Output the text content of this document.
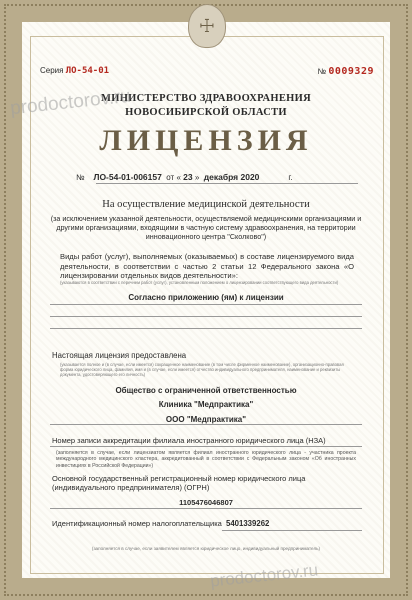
☩
Серия ЛО-54-01	№ 0009329
МИНИСТЕРСТВО ЗДРАВООХРАНЕНИЯ
НОВОСИБИРСКОЙ ОБЛАСТИ
prodoctorov.ru
ЛИЦЕНЗИЯ
№ ЛО-54-01-006157 от « 23 » декабря 2020	г.
На осуществление медицинской деятельности
(за исключением указанной деятельности, осуществляемой медицинскими организациями и другими организациями, входящими в частную систему здравоохранения, на территории инновационного центра "Сколково")
Виды работ (услуг), выполняемых (оказываемых) в составе лицензируемого вида деятельности, в соответствии с частью 2 статьи 12 Федерального закона «О лицензировании отдельных видов деятельности»:
(указываются в соответствии с перечнем работ (услуг), установленным положением о лицензировании соответствующего вида деятельности)
Согласно приложению (ям) к лицензии
Настоящая лицензия предоставлена
(указывается полное и (в случае, если имеется) сокращенное наименование (в том числе фирменное наименование), организационно-правовая форма юридического лица, фамилия, имя и (в случае, если имеется) отчество индивидуального предпринимателя, наименование и реквизиты документа, удостоверяющего его личность)
Общество с ограниченной ответственностью
Клиника "Медпрактика"
ООО "Медпрактика"
Номер записи аккредитации филиала иностранного юридического лица (НЗА)
(заполняется в случае, если лицензиатом является филиал иностранного юридического лица - участника проекта международного медицинского кластера, аккредитованный в соответствии с Федеральным законом «Об иностранных инвестициях в Российской Федерации»)
Основной государственный регистрационный номер юридического лица (индивидуального предпринимателя) (ОГРН)
1105476046807
Идентификационный номер налогоплательщика 5401339262
(заполняется в случае, если заявителем является юридическое лицо, индивидуальный предприниматель)
prodoctorov.ru
